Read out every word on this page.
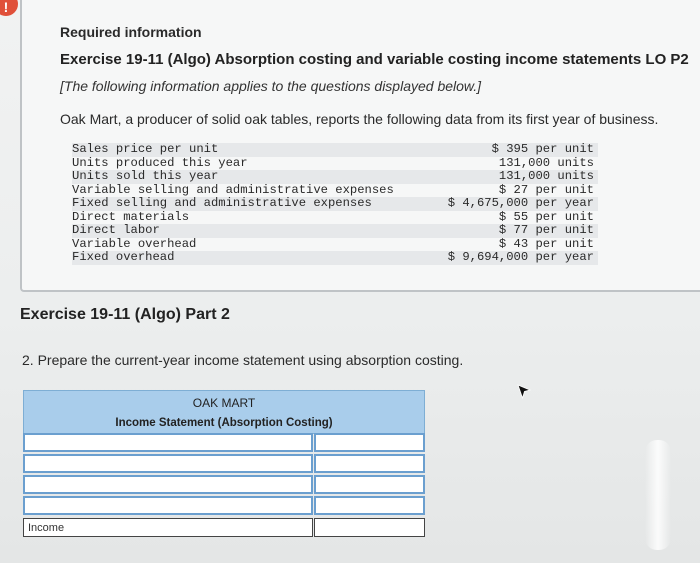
!
Required information
Exercise 19-11 (Algo) Absorption costing and variable costing income statements LO P2
[The following information applies to the questions displayed below.]
Oak Mart, a producer of solid oak tables, reports the following data from its first year of business.
Sales price per unit	$ 395 per unit
Units produced this year	131,000 units
Units sold this year	131,000 units
Variable selling and administrative expenses	$ 27 per unit
Fixed selling and administrative expenses	$ 4,675,000 per year
Direct materials	$ 55 per unit
Direct labor	$ 77 per unit
Variable overhead	$ 43 per unit
Fixed overhead	$ 9,694,000 per year
Exercise 19-11 (Algo) Part 2
2. Prepare the current-year income statement using absorption costing.
OAK MART
Income Statement (Absorption Costing)
Income
